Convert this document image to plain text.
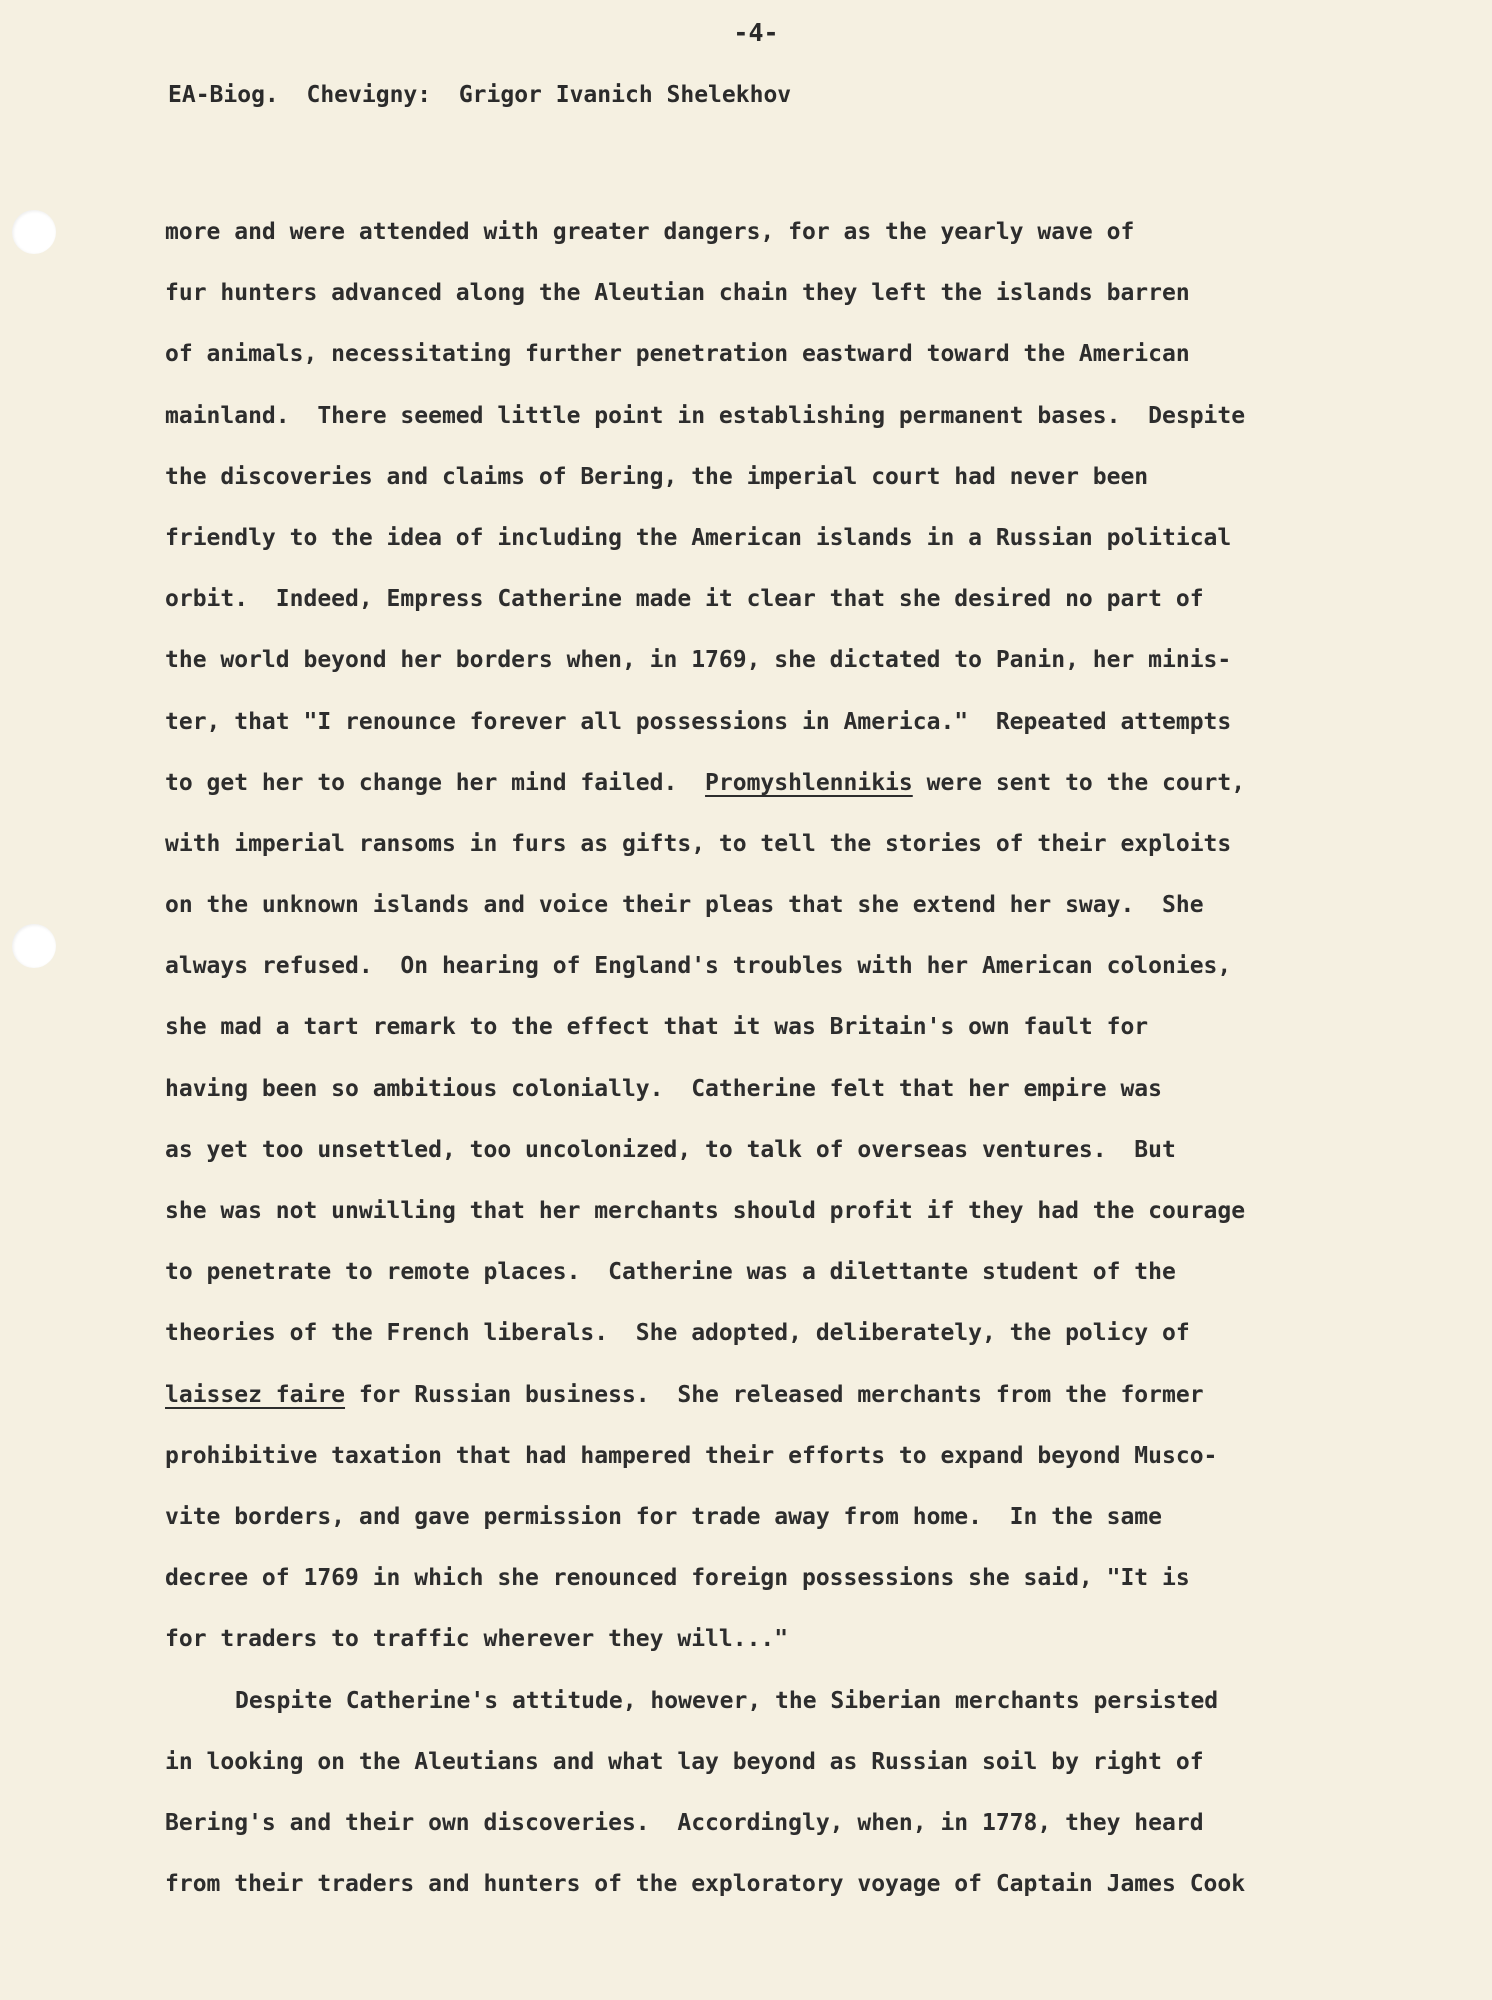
-4-
EA-Biog. Chevigny: Grigor Ivanich Shelekhov
more and were attended with greater dangers, for as the yearly wave of
fur hunters advanced along the Aleutian chain they left the islands barren
of animals, necessitating further penetration eastward toward the American
mainland.  There seemed little point in establishing permanent bases.  Despite
the discoveries and claims of Bering, the imperial court had never been
friendly to the idea of including the American islands in a Russian political
orbit.  Indeed, Empress Catherine made it clear that she desired no part of
the world beyond her borders when, in 1769, she dictated to Panin, her minis-
ter, that "I renounce forever all possessions in America."  Repeated attempts
to get her to change her mind failed.  Promyshlennikis were sent to the court,
with imperial ransoms in furs as gifts, to tell the stories of their exploits
on the unknown islands and voice their pleas that she extend her sway.  She
always refused.  On hearing of England's troubles with her American colonies,
she mad a tart remark to the effect that it was Britain's own fault for
having been so ambitious colonially.  Catherine felt that her empire was
as yet too unsettled, too uncolonized, to talk of overseas ventures.  But
she was not unwilling that her merchants should profit if they had the courage
to penetrate to remote places.  Catherine was a dilettante student of the
theories of the French liberals.  She adopted, deliberately, the policy of
laissez faire for Russian business.  She released merchants from the former
prohibitive taxation that had hampered their efforts to expand beyond Musco-
vite borders, and gave permission for trade away from home.  In the same
decree of 1769 in which she renounced foreign possessions she said, "It is
for traders to traffic wherever they will..."
Despite Catherine's attitude, however, the Siberian merchants persisted
in looking on the Aleutians and what lay beyond as Russian soil by right of
Bering's and their own discoveries.  Accordingly, when, in 1778, they heard
from their traders and hunters of the exploratory voyage of Captain James Cook
